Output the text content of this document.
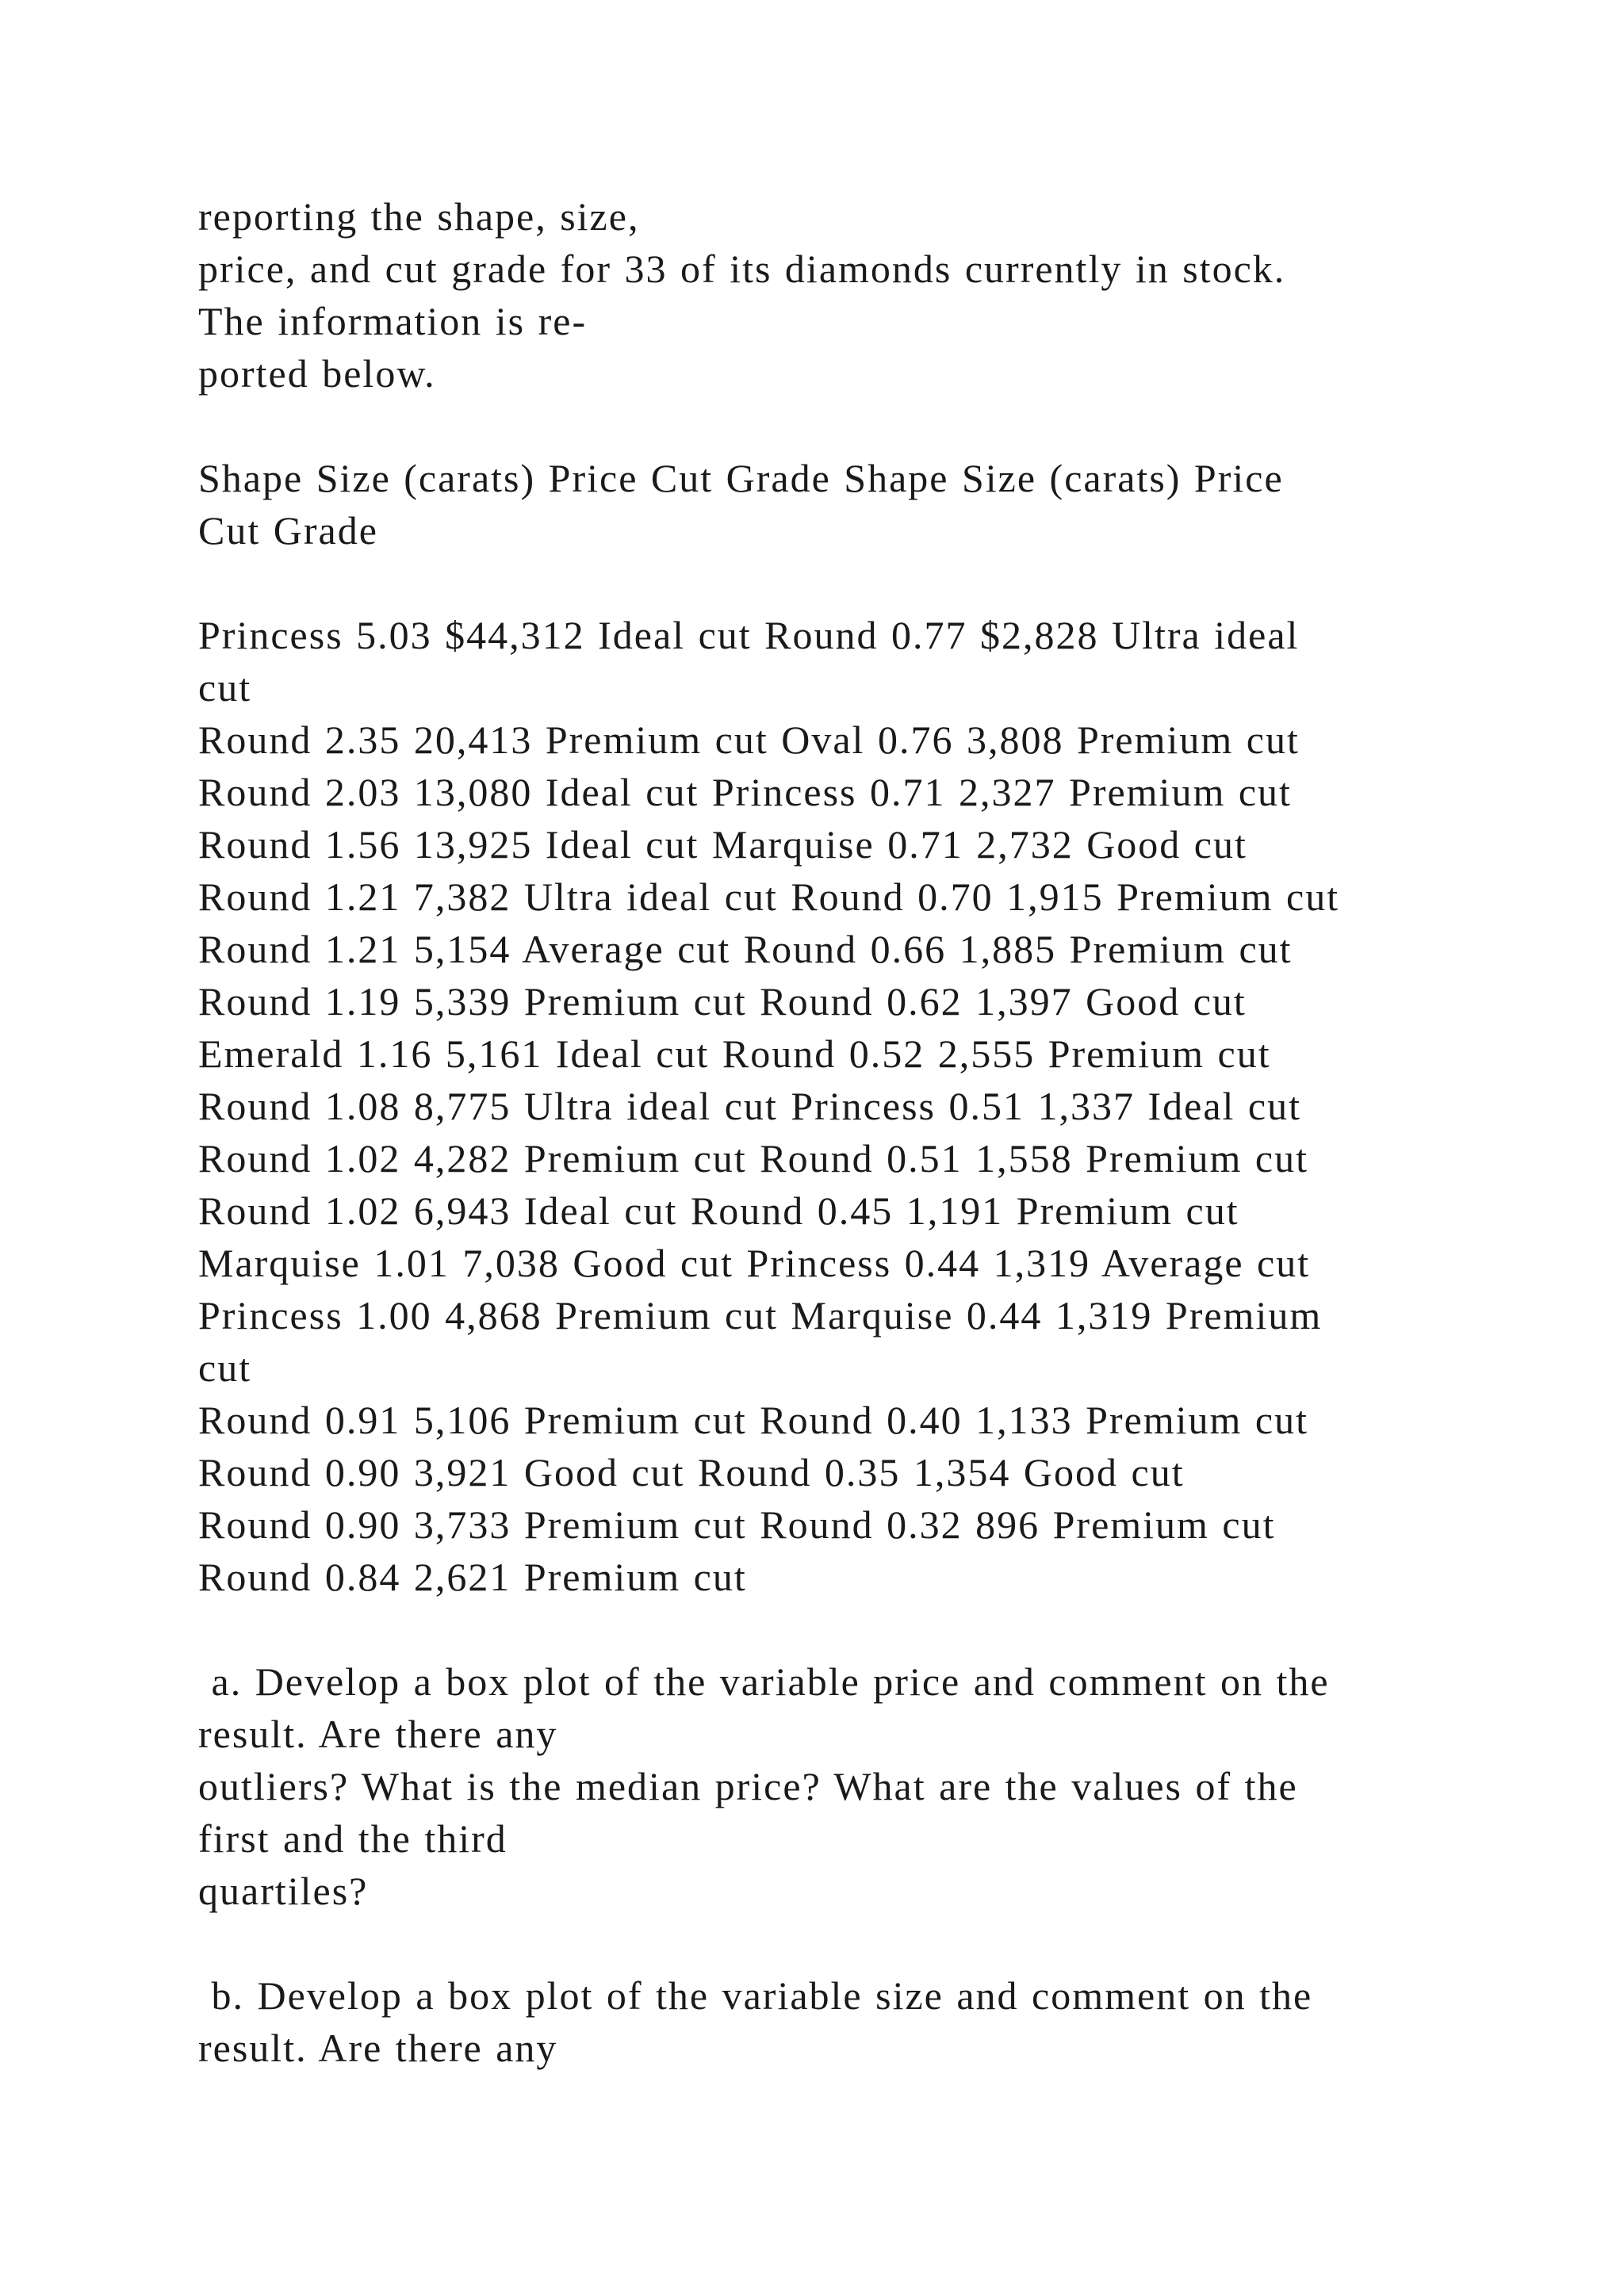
reporting the shape, size,
price, and cut grade for 33 of its diamonds currently in stock.
The information is re-
ported below.
Shape Size (carats) Price Cut Grade Shape Size (carats) Price
Cut Grade
Princess 5.03 $44,312 Ideal cut Round 0.77 $2,828 Ultra ideal
cut
Round 2.35 20,413 Premium cut Oval 0.76 3,808 Premium cut
Round 2.03 13,080 Ideal cut Princess 0.71 2,327 Premium cut
Round 1.56 13,925 Ideal cut Marquise 0.71 2,732 Good cut
Round 1.21 7,382 Ultra ideal cut Round 0.70 1,915 Premium cut
Round 1.21 5,154 Average cut Round 0.66 1,885 Premium cut
Round 1.19 5,339 Premium cut Round 0.62 1,397 Good cut
Emerald 1.16 5,161 Ideal cut Round 0.52 2,555 Premium cut
Round 1.08 8,775 Ultra ideal cut Princess 0.51 1,337 Ideal cut
Round 1.02 4,282 Premium cut Round 0.51 1,558 Premium cut
Round 1.02 6,943 Ideal cut Round 0.45 1,191 Premium cut
Marquise 1.01 7,038 Good cut Princess 0.44 1,319 Average cut
Princess 1.00 4,868 Premium cut Marquise 0.44 1,319 Premium
cut
Round 0.91 5,106 Premium cut Round 0.40 1,133 Premium cut
Round 0.90 3,921 Good cut Round 0.35 1,354 Good cut
Round 0.90 3,733 Premium cut Round 0.32 896 Premium cut
Round 0.84 2,621 Premium cut
a. Develop a box plot of the variable price and comment on the
result. Are there any
outliers? What is the median price? What are the values of the
first and the third
quartiles?
b. Develop a box plot of the variable size and comment on the
result. Are there any
